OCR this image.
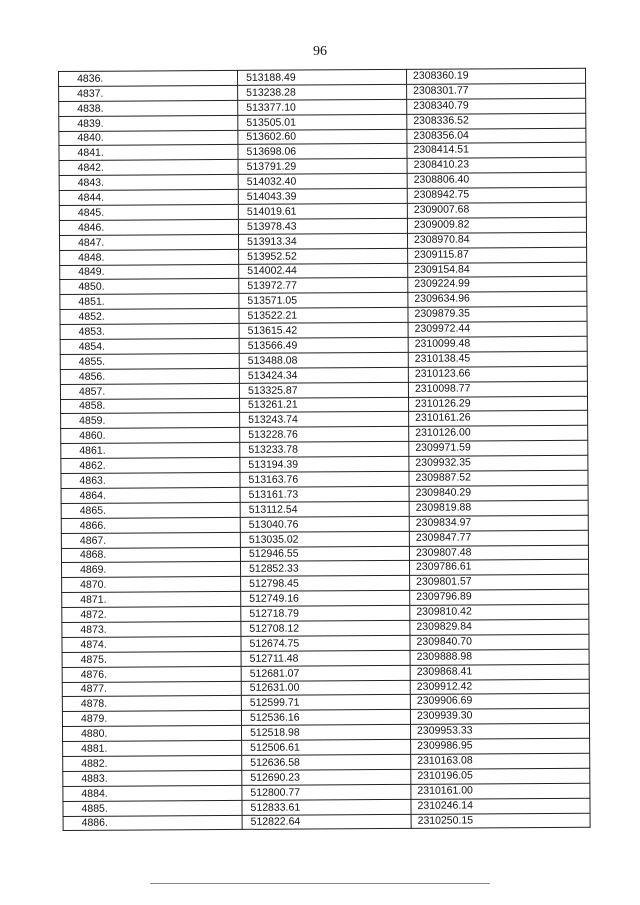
96
4836.	513188.49	2308360.19
4837.	513238.28	2308301.77
4838.	513377.10	2308340.79
4839.	513505.01	2308336.52
4840.	513602.60	2308356.04
4841.	513698.06	2308414.51
4842.	513791.29	2308410.23
4843.	514032.40	2308806.40
4844.	514043.39	2308942.75
4845.	514019.61	2309007.68
4846.	513978.43	2309009.82
4847.	513913.34	2308970.84
4848.	513952.52	2309115.87
4849.	514002.44	2309154.84
4850.	513972.77	2309224.99
4851.	513571.05	2309634.96
4852.	513522.21	2309879.35
4853.	513615.42	2309972.44
4854.	513566.49	2310099.48
4855.	513488.08	2310138.45
4856.	513424.34	2310123.66
4857.	513325.87	2310098.77
4858.	513261.21	2310126.29
4859.	513243.74	2310161.26
4860.	513228.76	2310126.00
4861.	513233.78	2309971.59
4862.	513194.39	2309932.35
4863.	513163.76	2309887.52
4864.	513161.73	2309840.29
4865.	513112.54	2309819.88
4866.	513040.76	2309834.97
4867.	513035.02	2309847.77
4868.	512946.55	2309807.48
4869.	512852.33	2309786.61
4870.	512798.45	2309801.57
4871.	512749.16	2309796.89
4872.	512718.79	2309810.42
4873.	512708.12	2309829.84
4874.	512674.75	2309840.70
4875.	512711.48	2309888.98
4876.	512681.07	2309868.41
4877.	512631.00	2309912.42
4878.	512599.71	2309906.69
4879.	512536.16	2309939.30
4880.	512518.98	2309953.33
4881.	512506.61	2309986.95
4882.	512636.58	2310163.08
4883.	512690.23	2310196.05
4884.	512800.77	2310161.00
4885.	512833.61	2310246.14
4886.	512822.64	2310250.15
